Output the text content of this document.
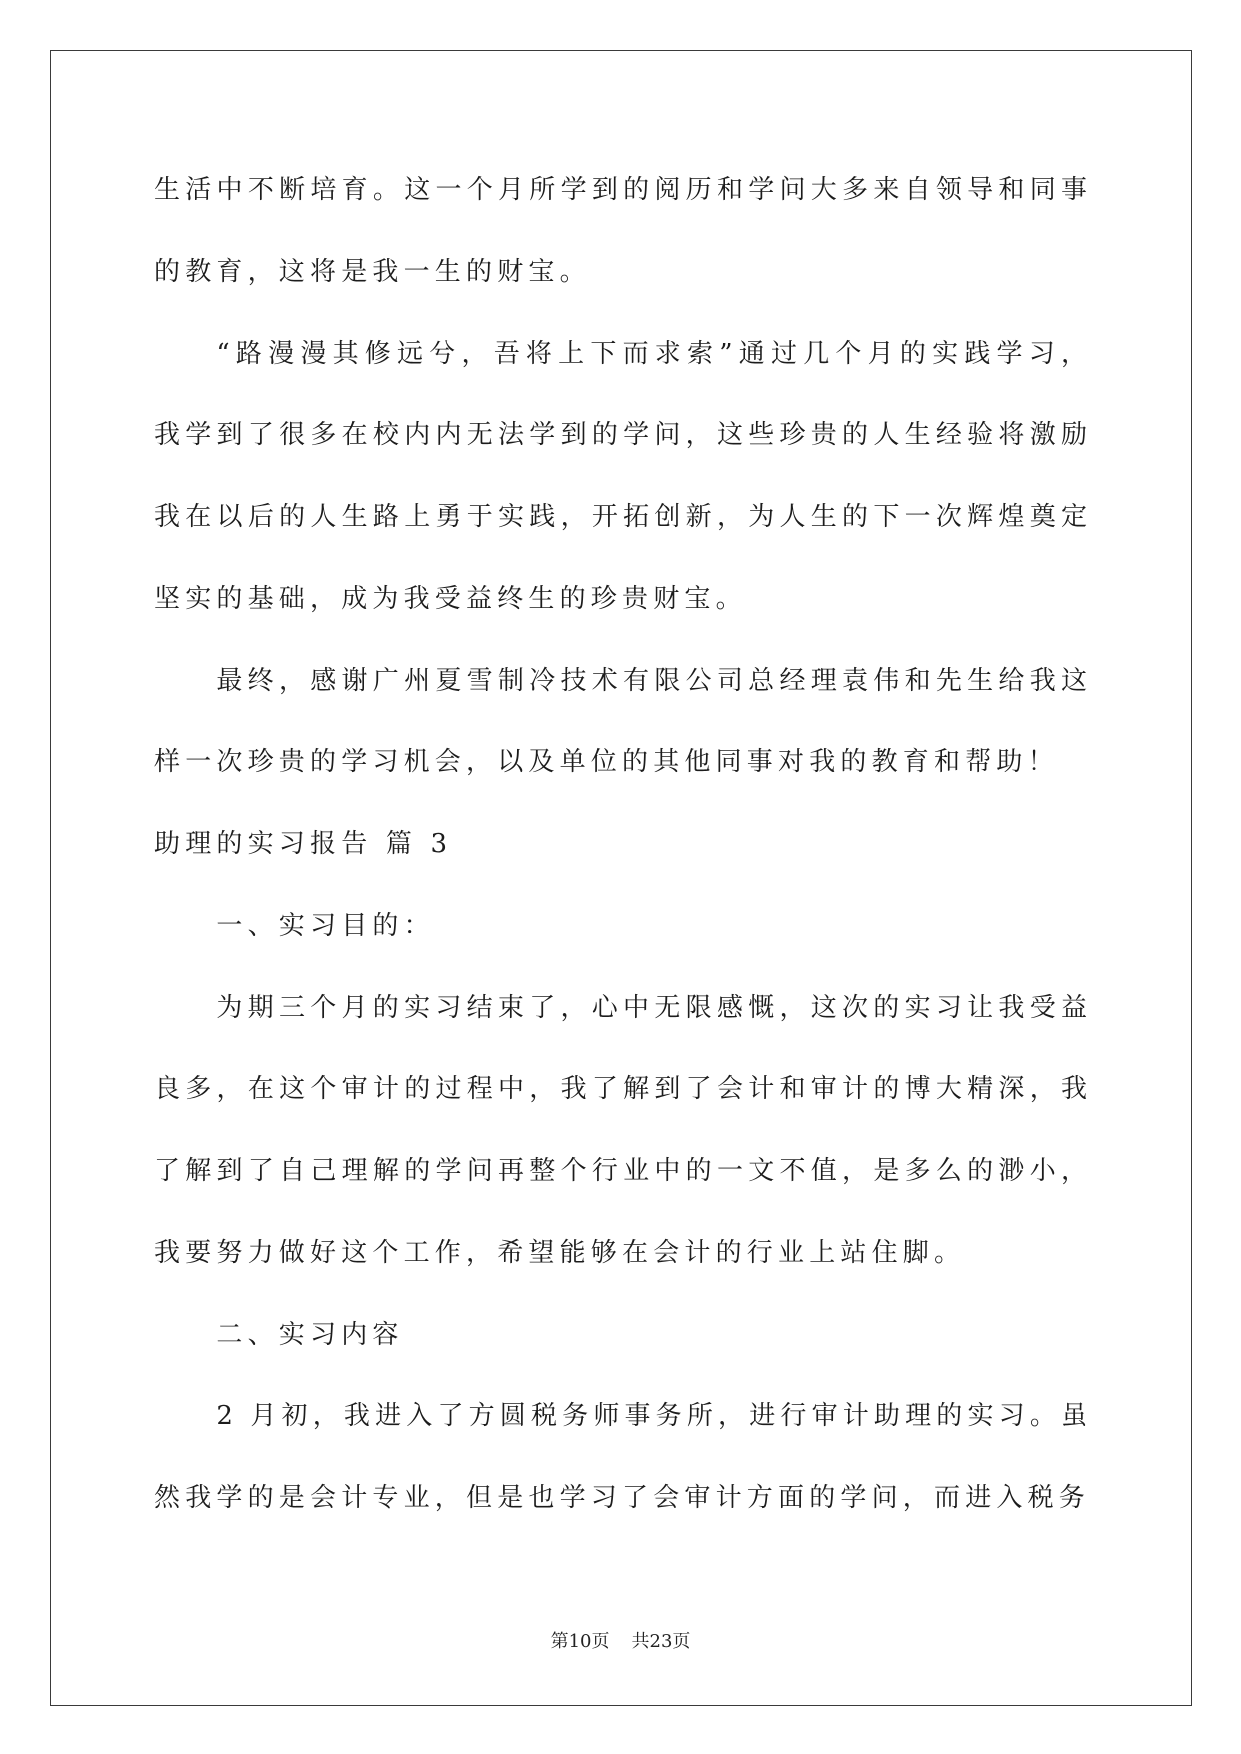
生活中不断培育。这一个月所学到的阅历和学问大多来自领导和同事
的教育，这将是我一生的财宝。
“路漫漫其修远兮，吾将上下而求索”通过几个月的实践学习，
我学到了很多在校内内无法学到的学问，这些珍贵的人生经验将激励
我在以后的人生路上勇于实践，开拓创新，为人生的下一次辉煌奠定
坚实的基础，成为我受益终生的珍贵财宝。
最终，感谢广州夏雪制冷技术有限公司总经理袁伟和先生给我这
样一次珍贵的学习机会，以及单位的其他同事对我的教育和帮助！
助理的实习报告 篇 3
一、实习目的：
为期三个月的实习结束了，心中无限感慨，这次的实习让我受益
良多，在这个审计的过程中，我了解到了会计和审计的博大精深，我
了解到了自己理解的学问再整个行业中的一文不值，是多么的渺小，
我要努力做好这个工作，希望能够在会计的行业上站住脚。
二、实习内容
2 月初，我进入了方圆税务师事务所，进行审计助理的实习。虽
然我学的是会计专业，但是也学习了会审计方面的学问，而进入税务
第10页 共23页
